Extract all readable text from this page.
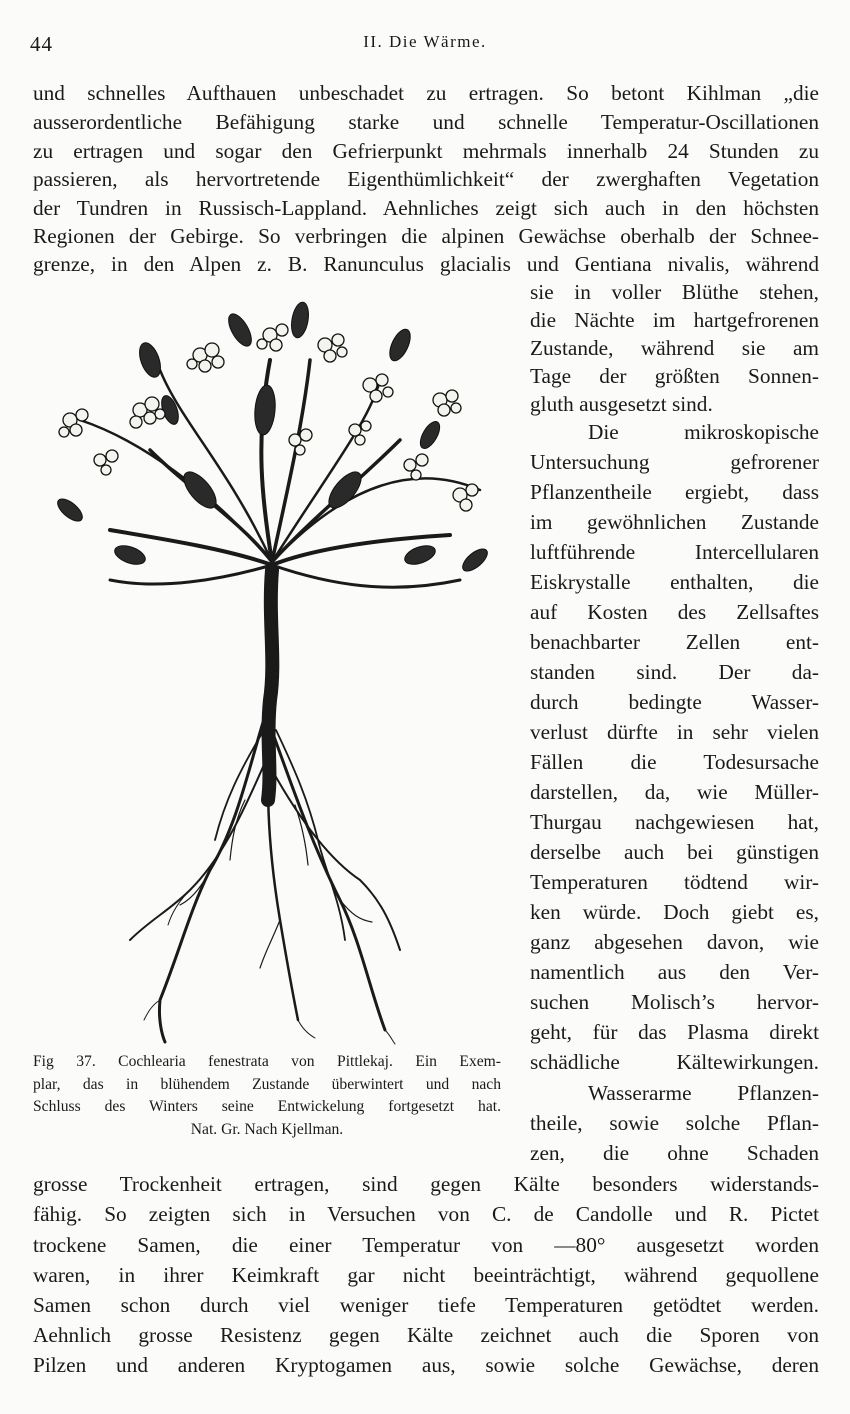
44	II. Die Wärme.
und schnelles Aufthauen unbeschadet zu ertragen. So betont Kihlman „die
ausserordentliche Befähigung starke und schnelle Temperatur-Oscillationen
zu ertragen und sogar den Gefrierpunkt mehrmals innerhalb 24 Stunden zu
passieren, als hervortretende Eigenthümlichkeit“ der zwerghaften Vegetation
der Tundren in Russisch-Lappland. Aehnliches zeigt sich auch in den höchsten
Regionen der Gebirge. So verbringen die alpinen Gewächse oberhalb der Schnee-
grenze, in den Alpen z. B. Ranunculus glacialis und Gentiana nivalis, während
sie in voller Blüthe stehen,
die Nächte im hartgefrorenen
Zustande, während sie am
Tage der größten Sonnen-
gluth ausgesetzt sind.
Die mikroskopische
Untersuchung gefrorener
Pflanzentheile ergiebt, dass
im gewöhnlichen Zustande
luftführende Intercellularen
Eiskrystalle enthalten, die
auf Kosten des Zellsaftes
benachbarter Zellen ent-
standen sind. Der da-
durch bedingte Wasser-
verlust dürfte in sehr vielen
Fällen die Todesursache
darstellen, da, wie Müller-
Thurgau nachgewiesen hat,
derselbe auch bei günstigen
Temperaturen tödtend wir-
ken würde. Doch giebt es,
ganz abgesehen davon, wie
namentlich aus den Ver-
suchen Molisch’s hervor-
geht, für das Plasma direkt
schädliche Kältewirkungen.
Wasserarme Pflanzen-
theile, sowie solche Pflan-
zen, die ohne Schaden
grosse Trockenheit ertragen, sind gegen Kälte besonders widerstands-
fähig. So zeigten sich in Versuchen von C. de Candolle und R. Pictet
trockene Samen, die einer Temperatur von —80° ausgesetzt worden
waren, in ihrer Keimkraft gar nicht beeinträchtigt, während gequollene
Samen schon durch viel weniger tiefe Temperaturen getödtet werden.
Aehnlich grosse Resistenz gegen Kälte zeichnet auch die Sporen von
Pilzen und anderen Kryptogamen aus, sowie solche Gewächse, deren
Fig 37. Cochlearia fenestrata von Pittlekaj. Ein Exem-
plar, das in blühendem Zustande überwintert und nach
Schluss des Winters seine Entwickelung fortgesetzt hat.
Nat. Gr. Nach Kjellman.
